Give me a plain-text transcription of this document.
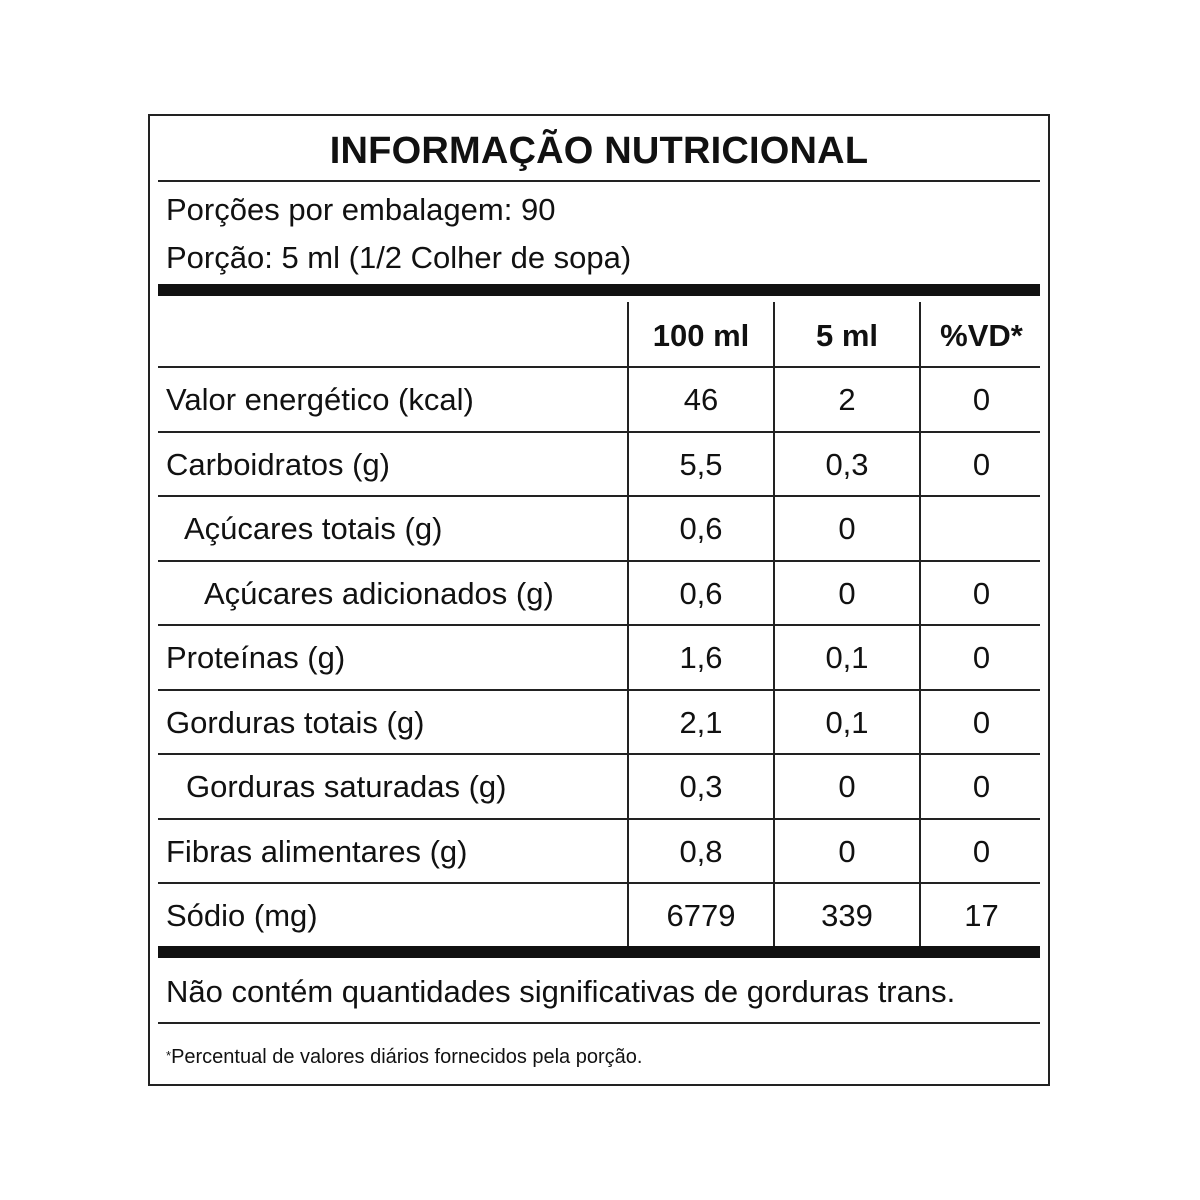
INFORMAÇÃO NUTRICIONAL
Porções por embalagem: 90
Porção: 5 ml (1/2 Colher de sopa)
100 ml	5 ml	%VD*
Valor energético (kcal)	46	2	0
Carboidratos (g)	5,5	0,3	0
Açúcares totais (g)	0,6	0
Açúcares adicionados (g)	0,6	0	0
Proteínas (g)	1,6	0,1	0
Gorduras totais (g)	2,1	0,1	0
Gorduras saturadas (g)	0,3	0	0
Fibras alimentares (g)	0,8	0	0
Sódio (mg)	6779	339	17
Não contém quantidades significativas de gorduras trans.
*Percentual de valores diários fornecidos pela porção.
